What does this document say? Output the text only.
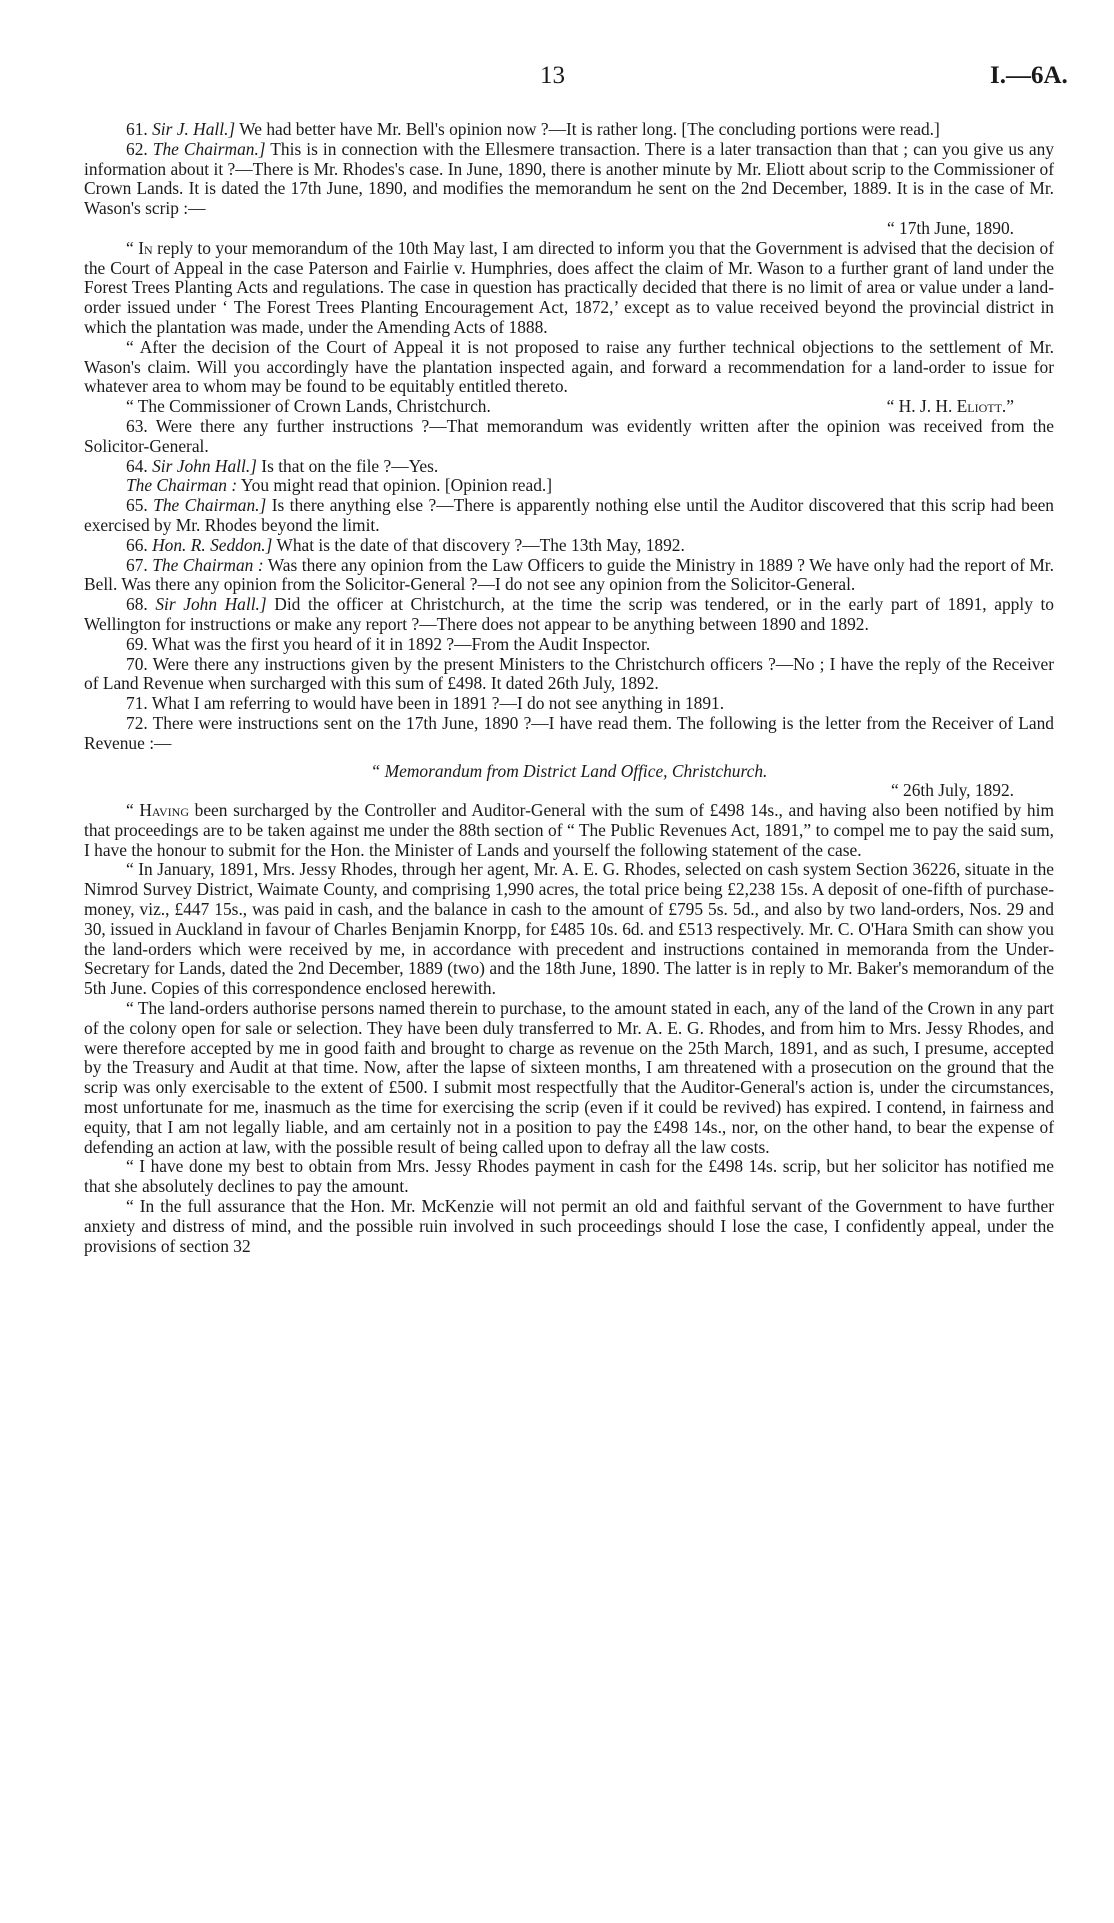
13	I.—6A.

61. Sir J. Hall.] We had better have Mr. Bell's opinion now ?—It is rather long. [The concluding portions were read.]

62. The Chairman.] This is in connection with the Ellesmere transaction. There is a later transaction than that ; can you give us any information about it ?—There is Mr. Rhodes's case. In June, 1890, there is another minute by Mr. Eliott about scrip to the Commissioner of Crown Lands. It is dated the 17th June, 1890, and modifies the memorandum he sent on the 2nd December, 1889. It is in the case of Mr. Wason's scrip :—

“ 17th June, 1890.

“ In reply to your memorandum of the 10th May last, I am directed to inform you that the Government is advised that the decision of the Court of Appeal in the case Paterson and Fairlie v. Humphries, does affect the claim of Mr. Wason to a further grant of land under the Forest Trees Planting Acts and regulations. The case in question has practically decided that there is no limit of area or value under a land-order issued under ‘ The Forest Trees Planting Encouragement Act, 1872,’ except as to value received beyond the provincial district in which the plantation was made, under the Amending Acts of 1888.

“ After the decision of the Court of Appeal it is not proposed to raise any further technical objections to the settlement of Mr. Wason's claim. Will you accordingly have the plantation inspected again, and forward a recommendation for a land-order to issue for whatever area to whom may be found to be equitably entitled thereto.

“ The Commissioner of Crown Lands, Christchurch.	“ H. J. H. Eliott.”

63. Were there any further instructions ?—That memorandum was evidently written after the opinion was received from the Solicitor-General.

64. Sir John Hall.] Is that on the file ?—Yes.

The Chairman : You might read that opinion. [Opinion read.]

65. The Chairman.] Is there anything else ?—There is apparently nothing else until the Auditor discovered that this scrip had been exercised by Mr. Rhodes beyond the limit.

66. Hon. R. Seddon.] What is the date of that discovery ?—The 13th May, 1892.

67. The Chairman : Was there any opinion from the Law Officers to guide the Ministry in 1889 ? We have only had the report of Mr. Bell. Was there any opinion from the Solicitor-General ?—I do not see any opinion from the Solicitor-General.

68. Sir John Hall.] Did the officer at Christchurch, at the time the scrip was tendered, or in the early part of 1891, apply to Wellington for instructions or make any report ?—There does not appear to be anything between 1890 and 1892.

69. What was the first you heard of it in 1892 ?—From the Audit Inspector.

70. Were there any instructions given by the present Ministers to the Christchurch officers ?—No ; I have the reply of the Receiver of Land Revenue when surcharged with this sum of £498. It dated 26th July, 1892.

71. What I am referring to would have been in 1891 ?—I do not see anything in 1891.

72. There were instructions sent on the 17th June, 1890 ?—I have read them. The following is the letter from the Receiver of Land Revenue :—

“ Memorandum from District Land Office, Christchurch.

“ 26th July, 1892.

“ Having been surcharged by the Controller and Auditor-General with the sum of £498 14s., and having also been notified by him that proceedings are to be taken against me under the 88th section of “ The Public Revenues Act, 1891,” to compel me to pay the said sum, I have the honour to submit for the Hon. the Minister of Lands and yourself the following statement of the case.

“ In January, 1891, Mrs. Jessy Rhodes, through her agent, Mr. A. E. G. Rhodes, selected on cash system Section 36226, situate in the Nimrod Survey District, Waimate County, and comprising 1,990 acres, the total price being £2,238 15s. A deposit of one-fifth of purchase-money, viz., £447 15s., was paid in cash, and the balance in cash to the amount of £795 5s. 5d., and also by two land-orders, Nos. 29 and 30, issued in Auckland in favour of Charles Benjamin Knorpp, for £485 10s. 6d. and £513 respectively. Mr. C. O'Hara Smith can show you the land-orders which were received by me, in accordance with precedent and instructions contained in memoranda from the Under-Secretary for Lands, dated the 2nd December, 1889 (two) and the 18th June, 1890. The latter is in reply to Mr. Baker's memorandum of the 5th June. Copies of this correspondence enclosed herewith.

“ The land-orders authorise persons named therein to purchase, to the amount stated in each, any of the land of the Crown in any part of the colony open for sale or selection. They have been duly transferred to Mr. A. E. G. Rhodes, and from him to Mrs. Jessy Rhodes, and were therefore accepted by me in good faith and brought to charge as revenue on the 25th March, 1891, and as such, I presume, accepted by the Treasury and Audit at that time. Now, after the lapse of sixteen months, I am threatened with a prosecution on the ground that the scrip was only exercisable to the extent of £500. I submit most respectfully that the Auditor-General's action is, under the circumstances, most unfortunate for me, inasmuch as the time for exercising the scrip (even if it could be revived) has expired. I contend, in fairness and equity, that I am not legally liable, and am certainly not in a position to pay the £498 14s., nor, on the other hand, to bear the expense of defending an action at law, with the possible result of being called upon to defray all the law costs.

“ I have done my best to obtain from Mrs. Jessy Rhodes payment in cash for the £498 14s. scrip, but her solicitor has notified me that she absolutely declines to pay the amount.

“ In the full assurance that the Hon. Mr. McKenzie will not permit an old and faithful servant of the Government to have further anxiety and distress of mind, and the possible ruin involved in such proceedings should I lose the case, I confidently appeal, under the provisions of section 32
